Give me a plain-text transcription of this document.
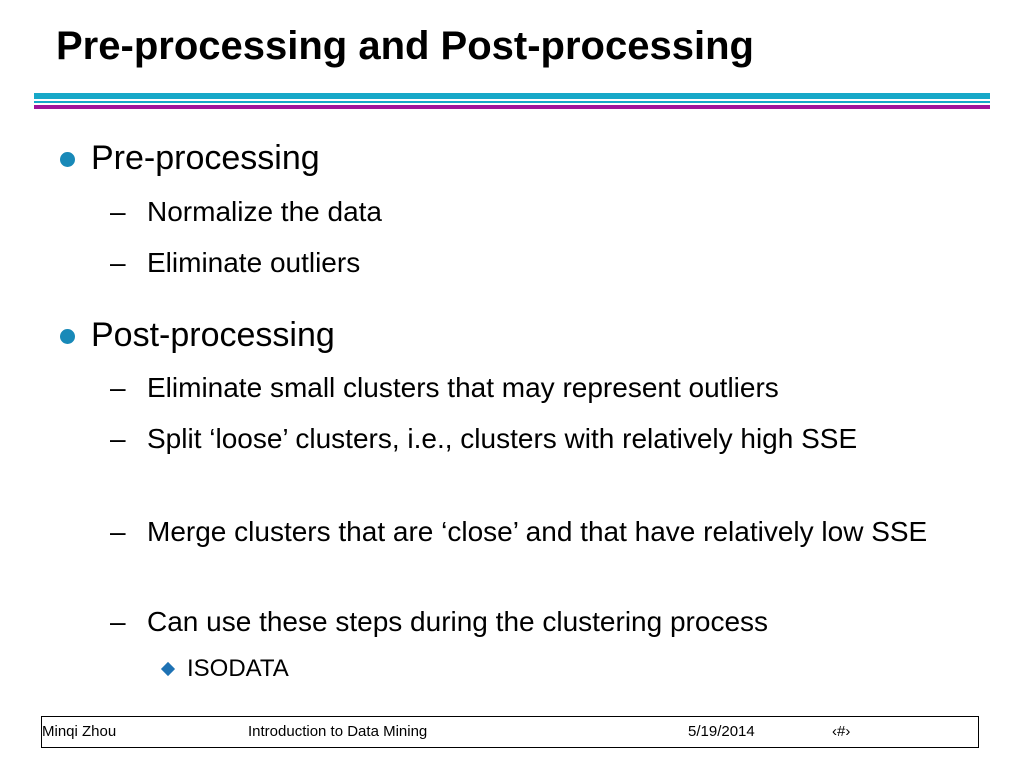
Pre-processing and Post-processing
Pre-processing
– Normalize the data
– Eliminate outliers
Post-processing
– Eliminate small clusters that may represent outliers
– Split ‘loose’ clusters, i.e., clusters with relatively high SSE
– Merge clusters that are ‘close’ and that have relatively low SSE
– Can use these steps during the clustering process
ISODATA
Minqi Zhou	Introduction to Data Mining	5/19/2014	‹#›
